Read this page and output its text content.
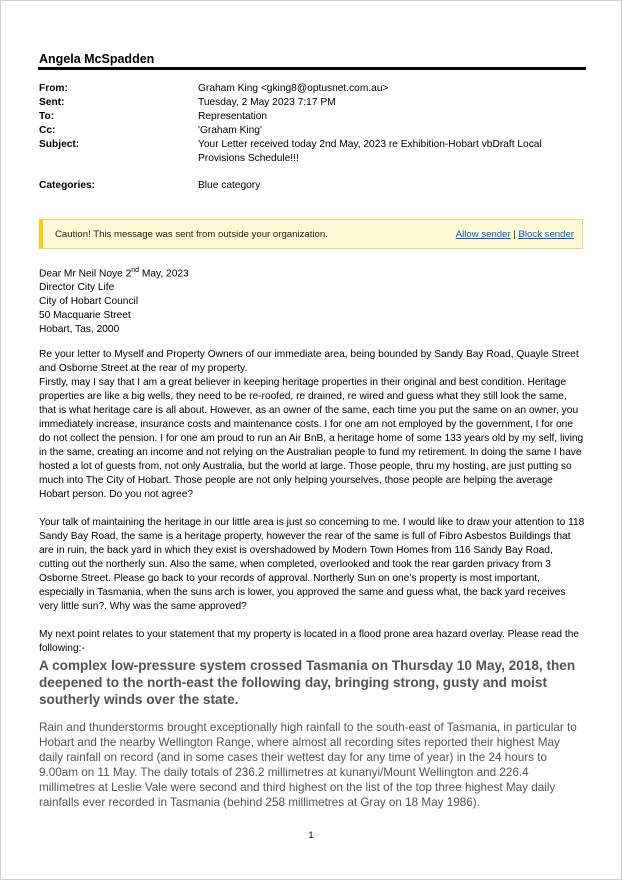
Angela McSpadden
From:	Graham King <gking8@optusnet.com.au>
Sent:	Tuesday, 2 May 2023 7:17 PM
To:	Representation
Cc:	'Graham King'
Subject:	Your Letter received today 2nd May, 2023 re Exhibition-Hobart vbDraft Local Provisions Schedule!!!
Categories:	Blue category
Caution! This message was sent from outside your organization.	Allow sender | Block sender
Dear Mr Neil Noye 2nd May, 2023
Director City Life
City of Hobart Council
50 Macquarie Street
Hobart, Tas, 2000
Re your letter to Myself and Property Owners of our immediate area, being bounded by Sandy Bay Road, Quayle Street and Osborne Street at the rear of my property.
Firstly, may I say that I am a great believer in keeping heritage properties in their original and best condition. Heritage properties are like a big wells, they need to be re-roofed, re drained, re wired and guess what they still look the same, that is what heritage care is all about. However, as an owner of the same, each time you put the same on an owner, you immediately increase, insurance costs and maintenance costs. I for one am not employed by the government, I for one do not collect the pension. I for one am proud to run an Air BnB, a heritage home of some 133 years old by my self, living in the same, creating an income and not relying on the Australian people to fund my retirement. In doing the same I have hosted a lot of guests from, not only Australia, but the world at large. Those people, thru my hosting, are just putting so much into The City of Hobart. Those people are not only helping yourselves, those people are helping the average Hobart person. Do you not agree?
Your talk of maintaining the heritage in our little area is just so concerning to me. I would like to draw your attention to 118 Sandy Bay Road, the same is a heritage property, however the rear of the same is full of Fibro Asbestos Buildings that are in ruin, the back yard in which they exist is overshadowed by Modern Town Homes from 116 Sandy Bay Road, cutting out the northerly sun. Also the same, when completed, overlooked and took the rear garden privacy from 3 Osborne Street. Please go back to your records of approval. Northerly Sun on one’s property is most important, especially in Tasmania, when the suns arch is lower, you approved the same and guess what, the back yard receives very little sun?. Why was the same approved?
My next point relates to your statement that my property is located in a flood prone area hazard overlay. Please read the following:-
A complex low-pressure system crossed Tasmania on Thursday 10 May, 2018, then deepened to the north-east the following day, bringing strong, gusty and moist southerly winds over the state.
Rain and thunderstorms brought exceptionally high rainfall to the south-east of Tasmania, in particular to Hobart and the nearby Wellington Range, where almost all recording sites reported their highest May daily rainfall on record (and in some cases their wettest day for any time of year) in the 24 hours to 9.00am on 11 May. The daily totals of 236.2 millimetres at kunanyi/Mount Wellington and 226.4 millimetres at Leslie Vale were second and third highest on the list of the top three highest May daily rainfalls ever recorded in Tasmania (behind 258 millimetres at Gray on 18 May 1986).
1
